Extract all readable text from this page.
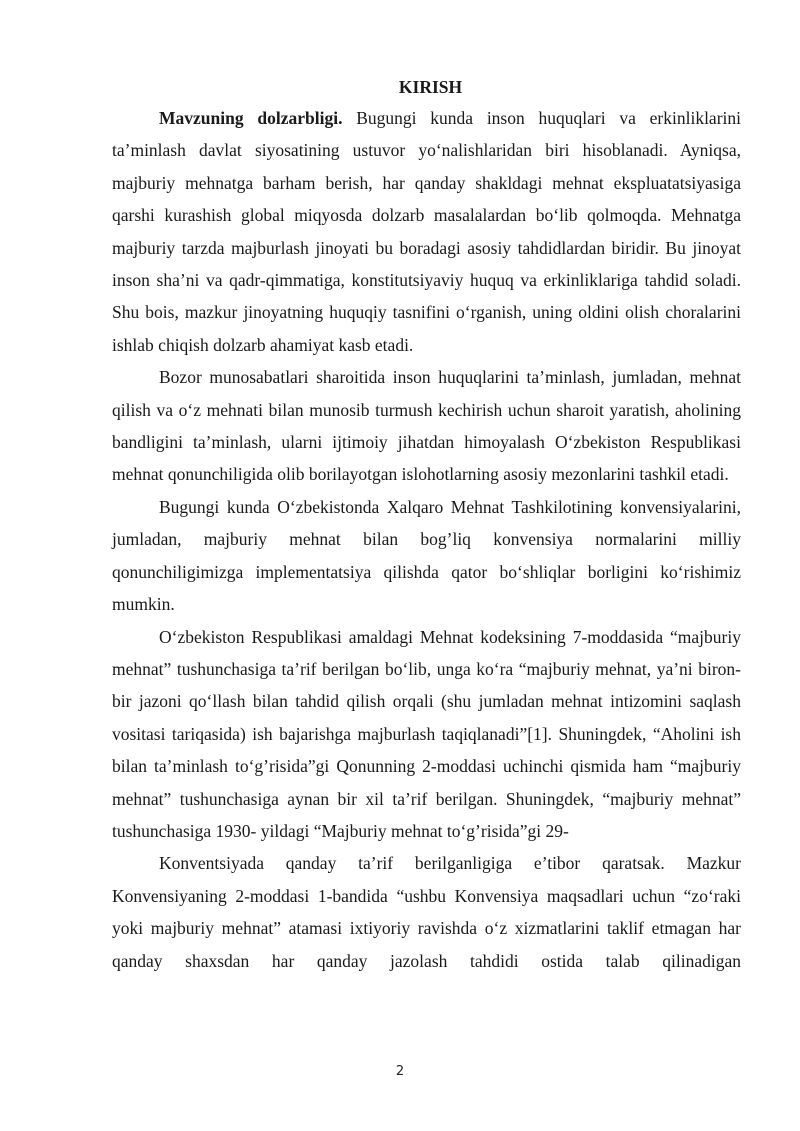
KIRISH

Mavzuning dolzarbligi. Bugungi kunda inson huquqlari va erkinliklarini ta’minlash davlat siyosatining ustuvor yo‘nalishlaridan biri hisoblanadi. Ayniqsa, majburiy mehnatga barham berish, har qanday shakldagi mehnat ekspluatatsiyasiga qarshi kurashish global miqyosda dolzarb masalalardan bo‘lib qolmoqda. Mehnatga majburiy tarzda majburlash jinoyati bu boradagi asosiy tahdidlardan biridir. Bu jinoyat inson sha’ni va qadr-qimmatiga, konstitutsiyaviy huquq va erkinliklariga tahdid soladi. Shu bois, mazkur jinoyatning huquqiy tasnifini o‘rganish, uning oldini olish choralarini ishlab chiqish dolzarb ahamiyat kasb etadi.

Bozor munosabatlari sharoitida inson huquqlarini ta’minlash, jumladan, mehnat qilish va o‘z mehnati bilan munosib turmush kechirish uchun sharoit yaratish, aholining bandligini ta’minlash, ularni ijtimoiy jihatdan himoyalash O‘zbekiston Respublikasi mehnat qonunchiligida olib borilayotgan islohotlarning asosiy mezonlarini tashkil etadi.

Bugungi kunda O‘zbekistonda Xalqaro Mehnat Tashkilotining konvensiyalarini, jumladan, majburiy mehnat bilan bog’liq konvensiya normalarini milliy qonunchiligimizga implementatsiya qilishda qator bo‘shliqlar borligini ko‘rishimiz mumkin.

O‘zbekiston Respublikasi amaldagi Mehnat kodeksining 7-moddasida “majburiy mehnat” tushunchasiga ta’rif berilgan bo‘lib, unga ko‘ra “majburiy mehnat, ya’ni biron-bir jazoni qo‘llash bilan tahdid qilish orqali (shu jumladan mehnat intizomini saqlash vositasi tariqasida) ish bajarishga majburlash taqiqlanadi”[1]. Shuningdek, “Aholini ish bilan ta’minlash to‘g’risida”gi Qonunning 2-moddasi uchinchi qismida ham “majburiy mehnat” tushunchasiga aynan bir xil ta’rif berilgan. Shuningdek, “majburiy mehnat” tushunchasiga 1930- yildagi “Majburiy mehnat to‘g’risida”gi 29-

Konventsiyada qanday ta’rif berilganligiga e’tibor qaratsak. Mazkur Konvensiyaning 2-moddasi 1-bandida “ushbu Konvensiya maqsadlari uchun “zo‘raki yoki majburiy mehnat” atamasi ixtiyoriy ravishda o‘z xizmatlarini taklif etmagan har qanday shaxsdan har qanday jazolash tahdidi ostida talab qilinadigan

2
